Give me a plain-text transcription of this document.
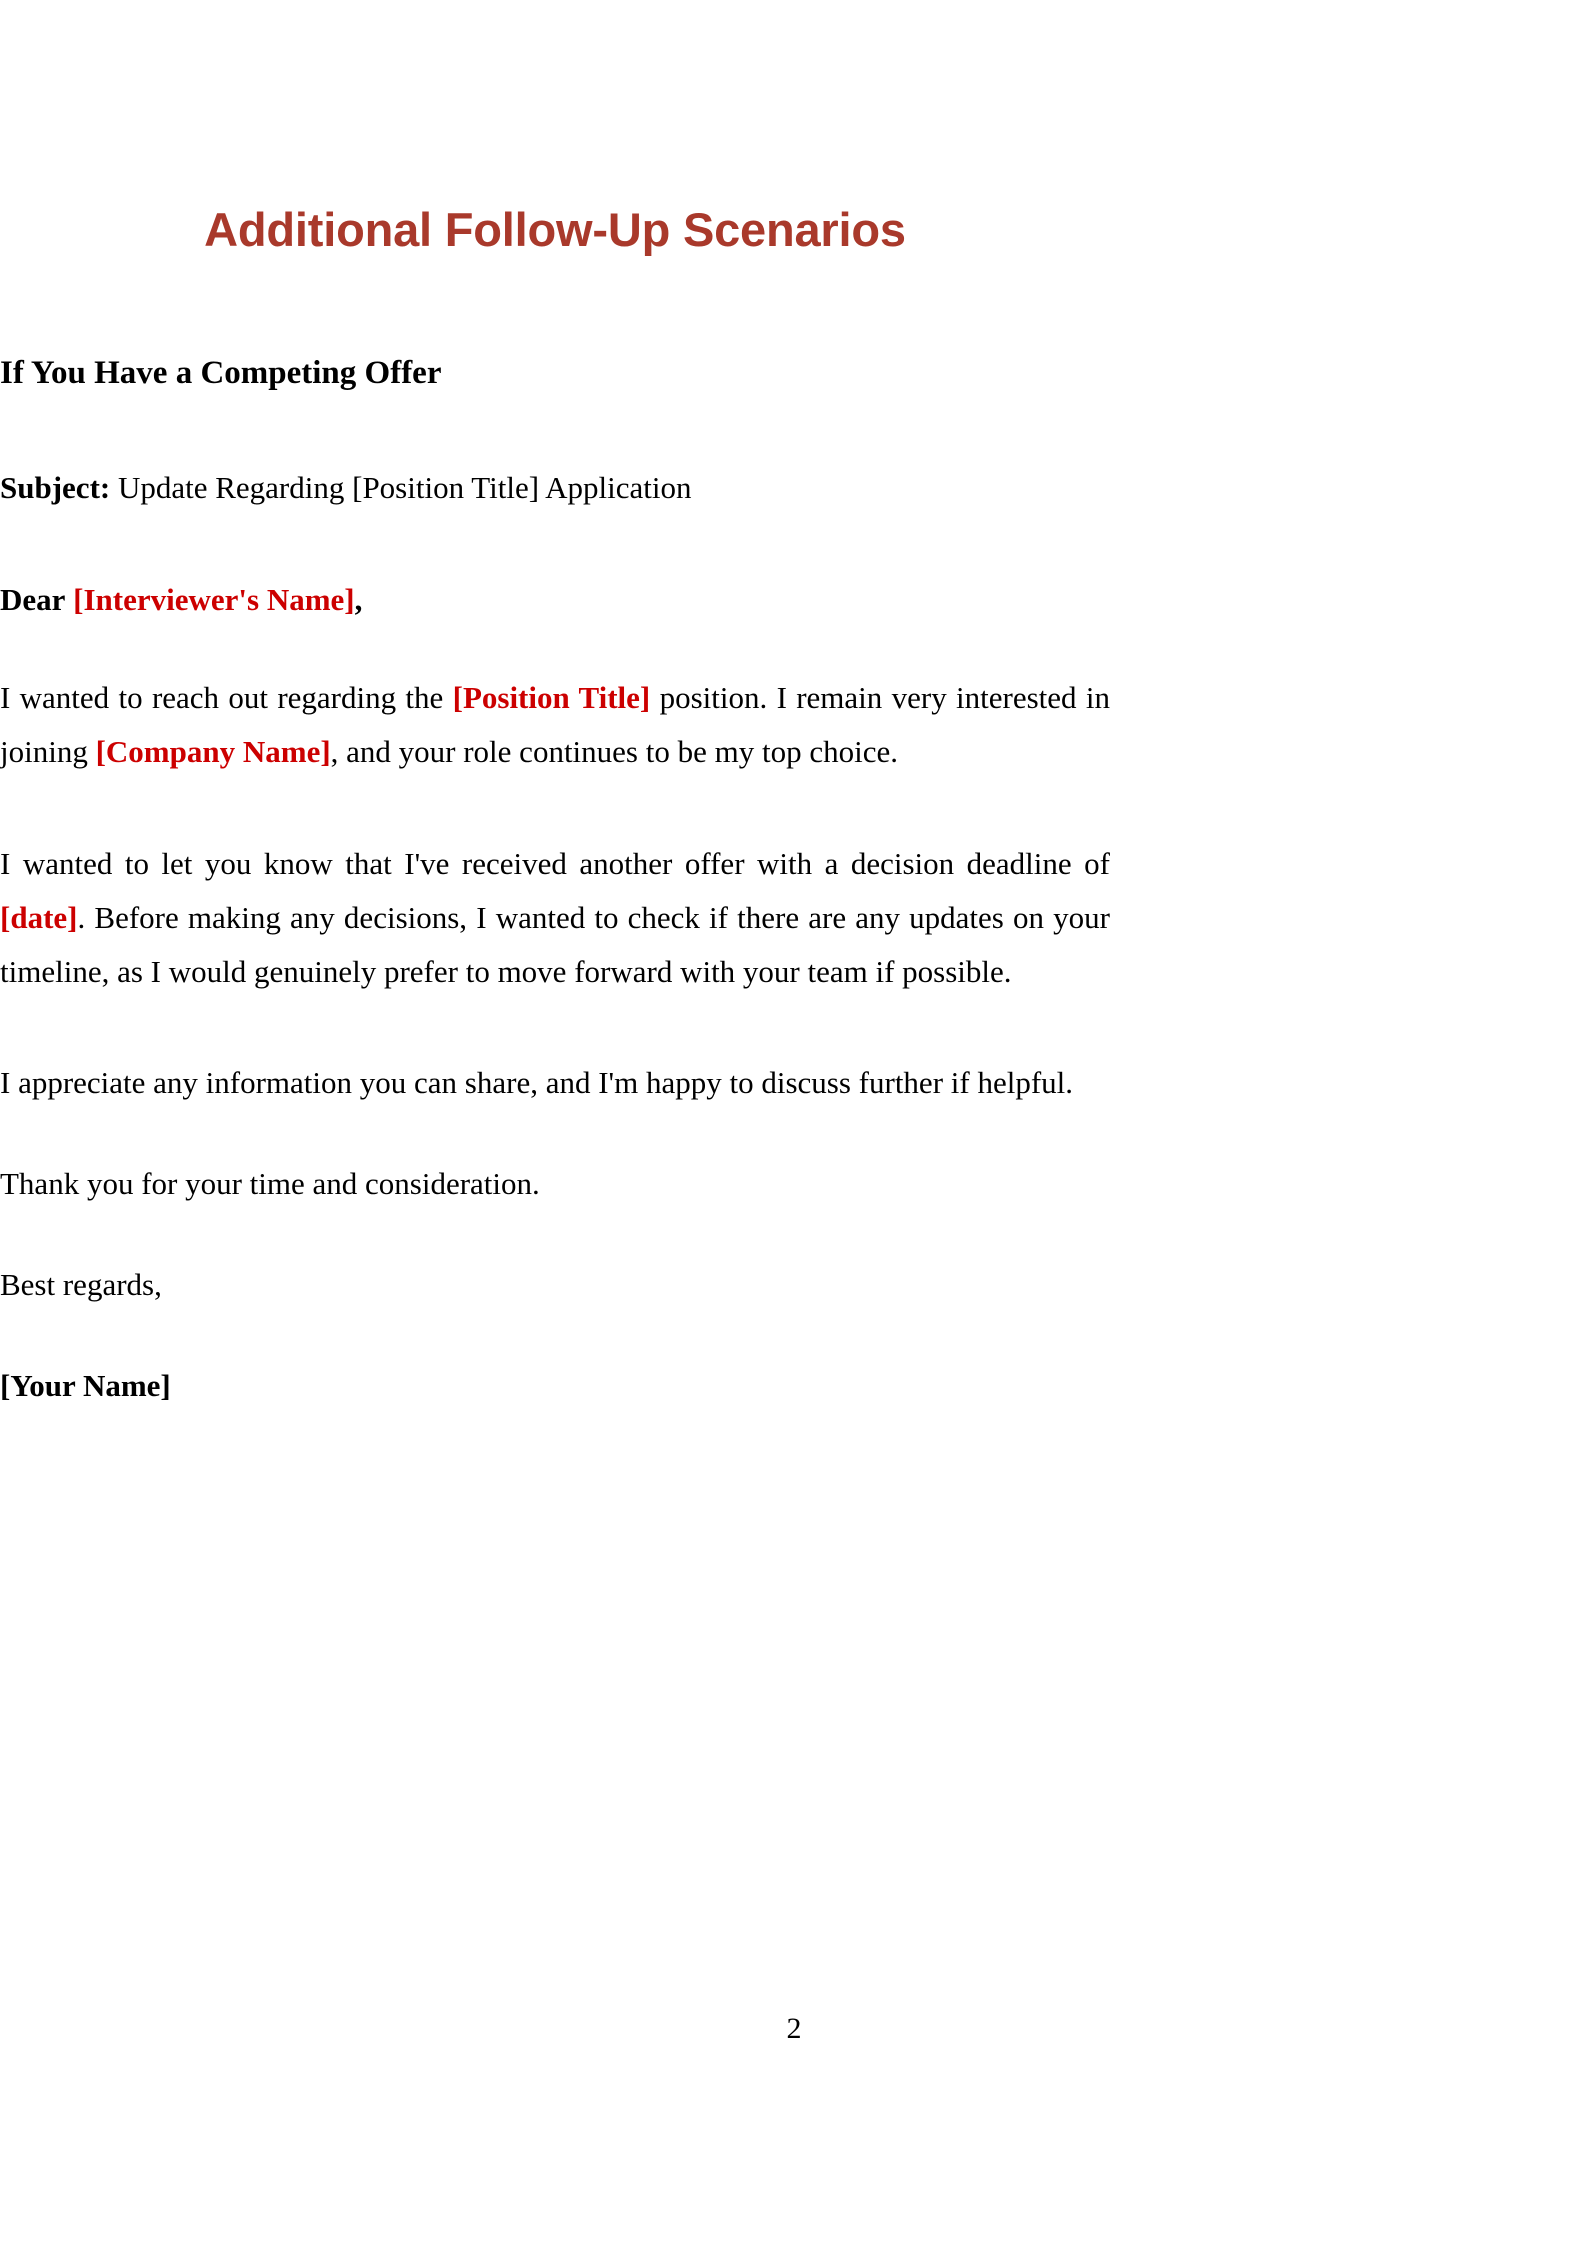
Additional Follow-Up Scenarios
If You Have a Competing Offer

Subject: Update Regarding [Position Title] Application

Dear [Interviewer's Name],

I wanted to reach out regarding the [Position Title] position. I remain very interested in joining [Company Name], and your role continues to be my top choice.

I wanted to let you know that I've received another offer with a decision deadline of [date]. Before making any decisions, I wanted to check if there are any updates on your timeline, as I would genuinely prefer to move forward with your team if possible.

I appreciate any information you can share, and I'm happy to discuss further if helpful.

Thank you for your time and consideration.

Best regards,

[Your Name]

2
